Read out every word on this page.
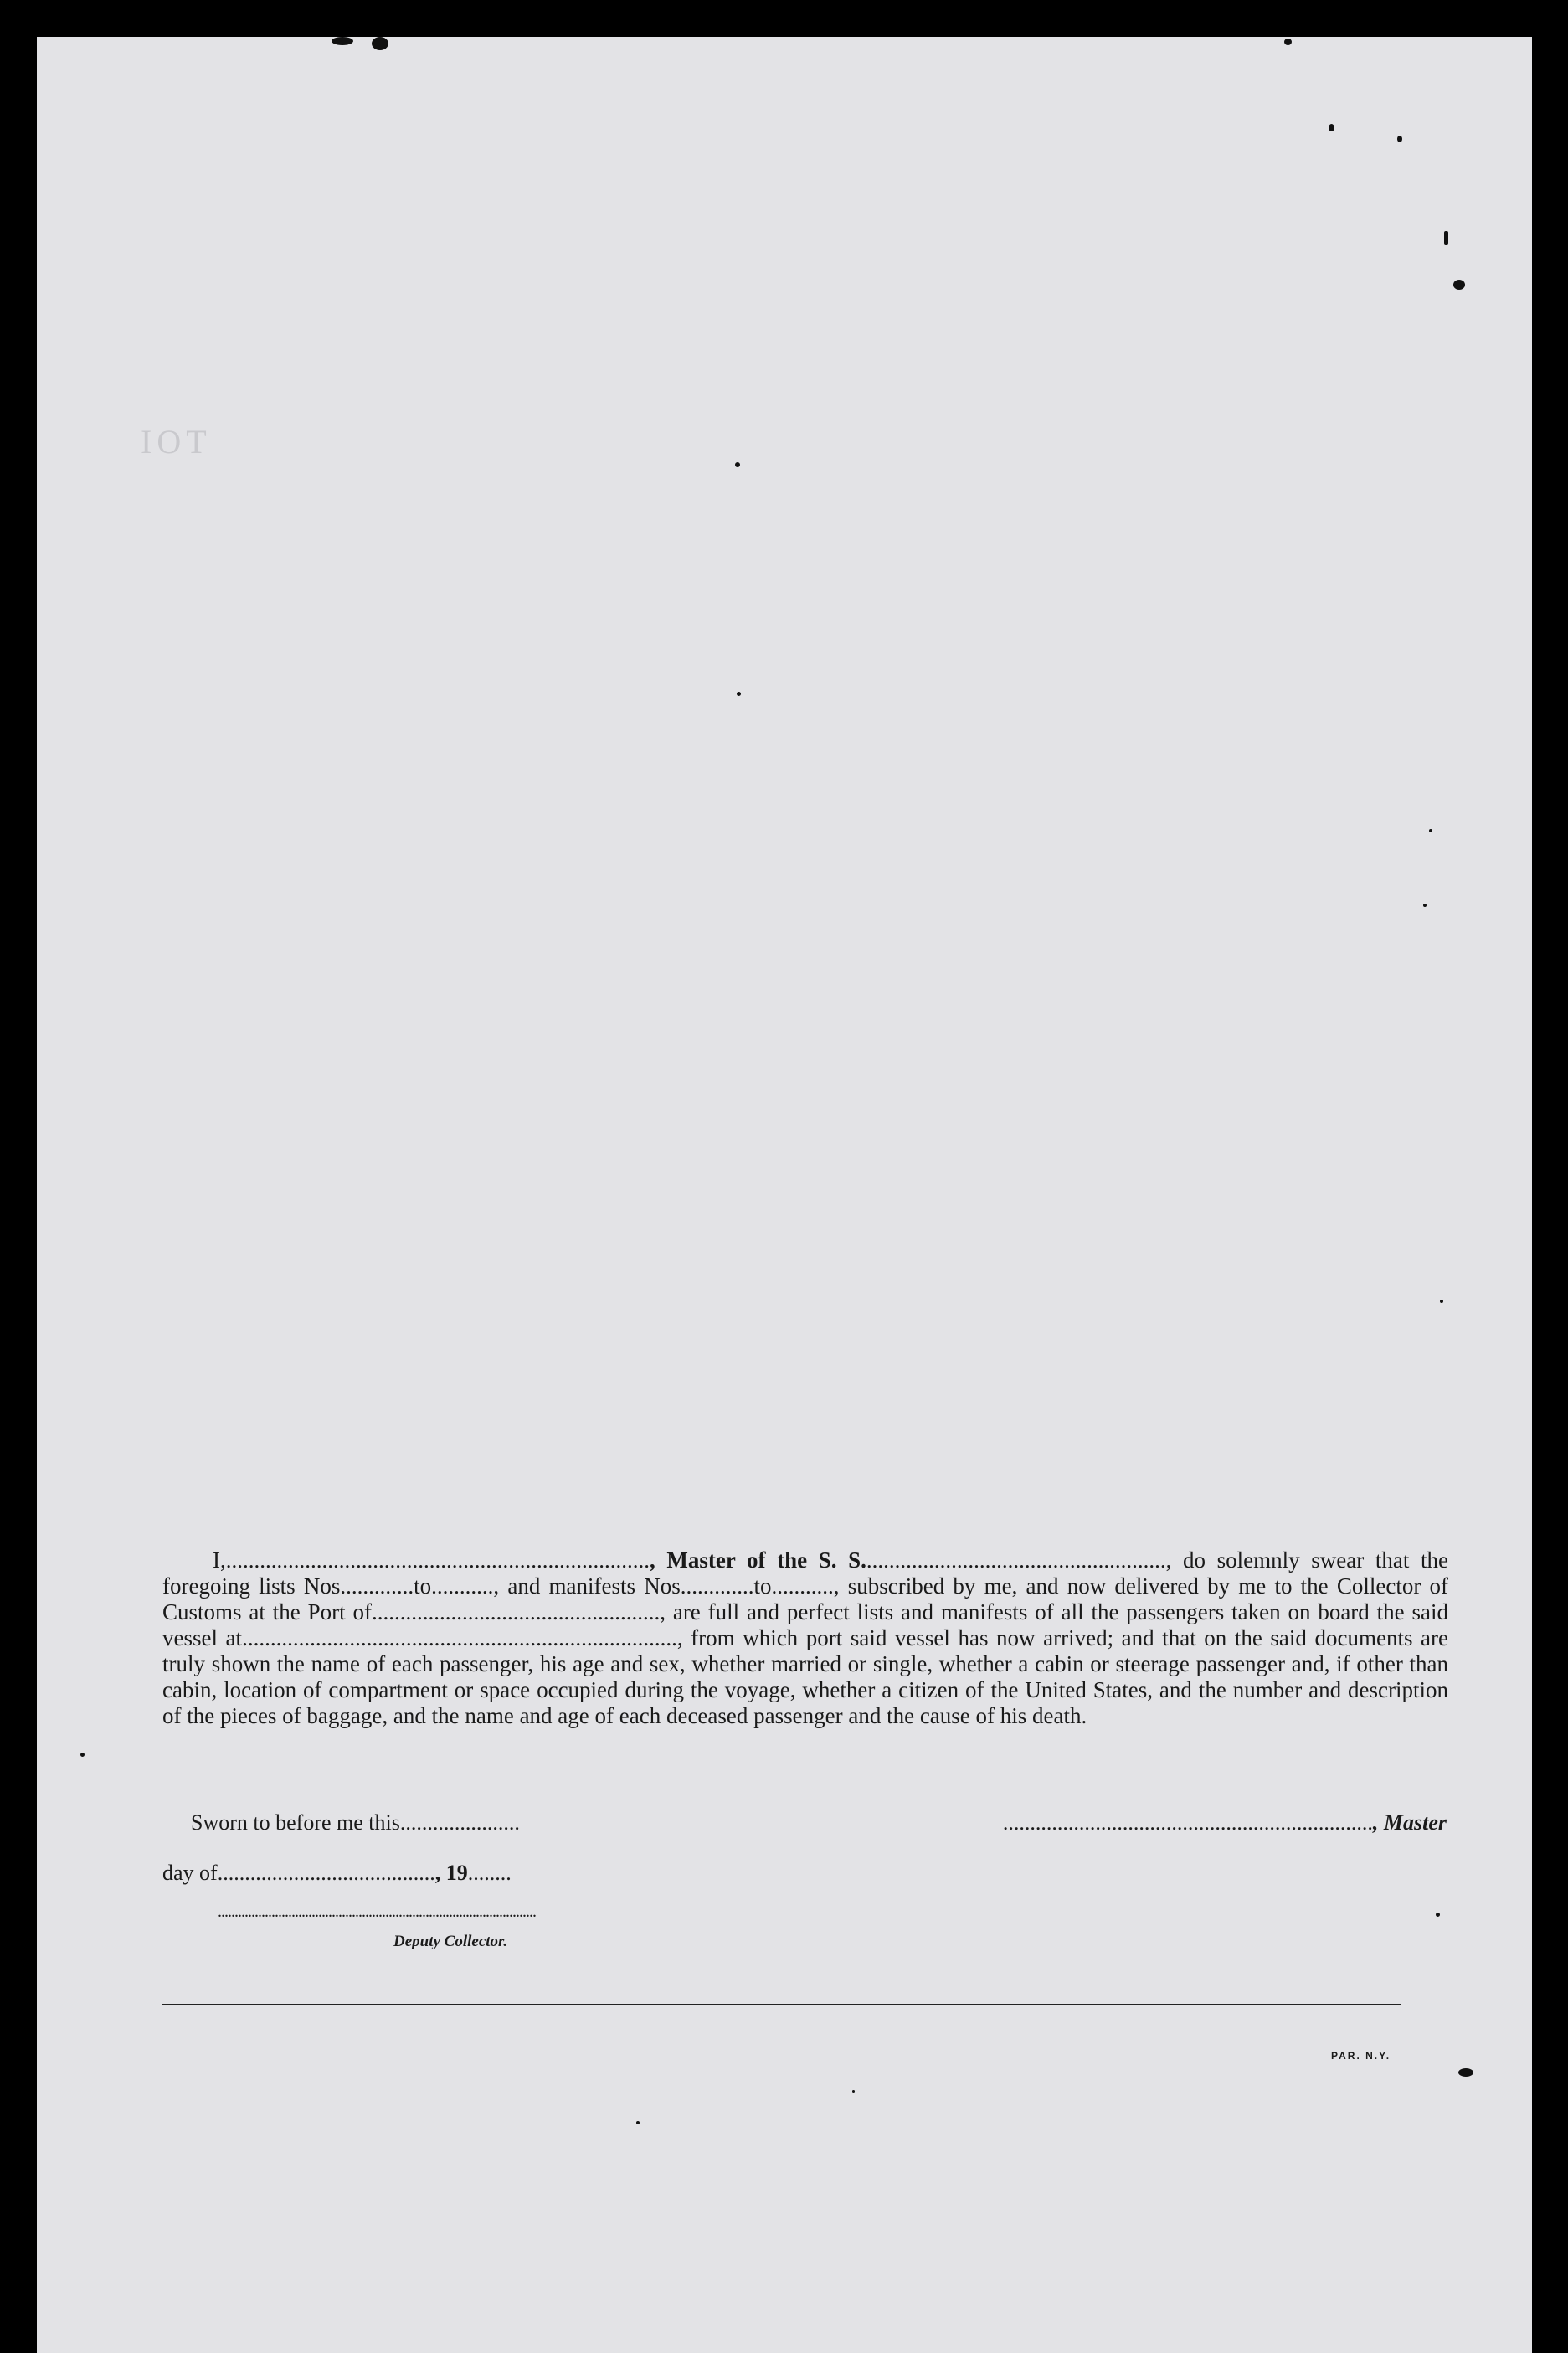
IOT

I,..........................................................................., Master of the S. S......................................................, do solemnly swear that the foregoing lists Nos.............to..........., and manifests Nos.............to..........., subscribed by me, and now delivered by me to the Collector of Customs at the Port of..................................................., are full and perfect lists and manifests of all the passengers taken on board the said vessel at............................................................................., from which port said vessel has now arrived; and that on the said documents are truly shown the name of each passenger, his age and sex, whether married or single, whether a cabin or steerage passenger and, if other than cabin, location of compartment or space occupied during the voyage, whether a citizen of the United States, and the number and description of the pieces of baggage, and the name and age of each deceased passenger and the cause of his death.

Sworn to before me this......................	...................................................................., Master
day of........................................, 19........
...............................................................................................
Deputy Collector.
PAR. N.Y.
